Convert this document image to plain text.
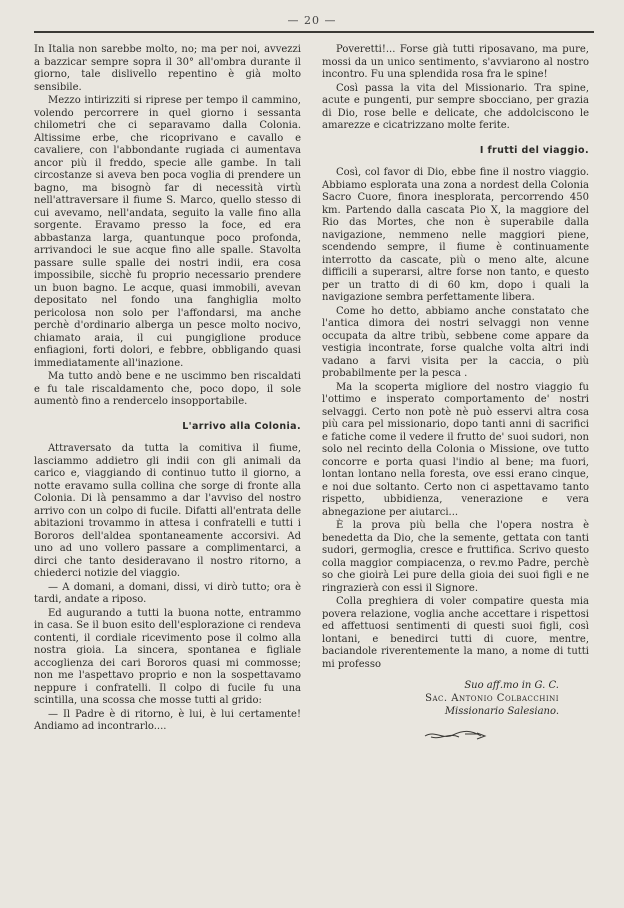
— 20 —

In Italia non sarebbe molto, no; ma per noi, avvezzi a bazzicar sempre sopra il 30° all'ombra durante il giorno, tale dislivello repentino è già molto sensibile.

Mezzo intirizziti si riprese per tempo il cammino, volendo percorrere in quel giorno i sessanta chilometri che ci separavamo dalla Colonia. Altissime erbe, che ricoprivano e cavallo e cavaliere, con l'abbondante rugiada ci aumentava ancor più il freddo, specie alle gambe. In tali circostanze si aveva ben poca voglia di prendere un bagno, ma bisognò far di necessità virtù nell'attraversare il fiume S. Marco, quello stesso di cui avevamo, nell'andata, seguito la valle fino alla sorgente. Eravamo presso la foce, ed era abbastanza larga, quantunque poco profonda, arrivandoci le sue acque fino alle spalle. Stavolta passare sulle spalle dei nostri indii, era cosa impossibile, sicchè fu proprio necessario prendere un buon bagno. Le acque, quasi immobili, avevan depositato nel fondo una fanghiglia molto pericolosa non solo per l'affondarsi, ma anche perchè d'ordinario alberga un pesce molto nocivo, chiamato araia, il cui pungiglione produce enfiagioni, forti dolori, e febbre, obbligando quasi immediatamente all'inazione.

Ma tutto andò bene e ne uscimmo ben riscaldati e fu tale riscaldamento che, poco dopo, il sole aumentò fino a rendercelo insopportabile.

L'arrivo alla Colonia.

Attraversato da tutta la comitiva il fiume, lasciammo addietro gli indii con gli animali da carico e, viaggiando di continuo tutto il giorno, a notte eravamo sulla collina che sorge di fronte alla Colonia. Di là pensammo a dar l'avviso del nostro arrivo con un colpo di fucile. Difatti all'entrata delle abitazioni trovammo in attesa i confratelli e tutti i Bororos dell'aldea spontaneamente accorsivi. Ad uno ad uno vollero passare a complimentarci, a dirci che tanto desideravano il nostro ritorno, a chiederci notizie del viaggio.

— A domani, a domani, dissi, vi dirò tutto; ora è tardi, andate a riposo.

Ed augurando a tutti la buona notte, entrammo in casa. Se il buon esito dell'esplorazione ci rendeva contenti, il cordiale ricevimento pose il colmo alla nostra gioia. La sincera, spontanea e figliale accoglienza dei cari Bororos quasi mi commosse; non me l'aspettavo proprio e non la sospettavamo neppure i confratelli. Il colpo di fucile fu una scintilla, una scossa che mosse tutti al grido:

— Il Padre è di ritorno, è lui, è lui certamente! Andiamo ad incontrarlo....

Poveretti!... Forse già tutti riposavano, ma pure, mossi da un unico sentimento, s'avviarono al nostro incontro. Fu una splendida rosa fra le spine!

Così passa la vita del Missionario. Tra spine, acute e pungenti, pur sempre sbocciano, per grazia di Dio, rose belle e delicate, che addolciscono le amarezze e cicatrizzano molte ferite.

I frutti del viaggio.

Così, col favor di Dio, ebbe fine il nostro viaggio. Abbiamo esplorata una zona a nordest della Colonia Sacro Cuore, finora inesplorata, percorrendo 450 km. Partendo dalla cascata Pio X, la maggiore del Rio das Mortes, che non è superabile dalla navigazione, nemmeno nelle maggiori piene, scendendo sempre, il fiume è continuamente interrotto da cascate, più o meno alte, alcune difficili a superarsi, altre forse non tanto, e questo per un tratto di di 60 km, dopo i quali la navigazione sembra perfettamente libera.

Come ho detto, abbiamo anche constatato che l'antica dimora dei nostri selvaggi non venne occupata da altre tribù, sebbene come appare da vestigia incontrate, forse qualche volta altri indi vadano a farvi visita per la caccia, o più probabilmente per la pesca .

Ma la scoperta migliore del nostro viaggio fu l'ottimo e insperato comportamento de' nostri selvaggi. Certo non potè nè può esservi altra cosa più cara pel missionario, dopo tanti anni di sacrifici e fatiche come il vedere il frutto de' suoi sudori, non solo nel recinto della Colonia o Missione, ove tutto concorre e porta quasi l'indio al bene; ma fuori, lontan lontano nella foresta, ove essi erano cinque, e noi due soltanto. Certo non ci aspettavamo tanto rispetto, ubbidienza, venerazione e vera abnegazione per aiutarci...

È la prova più bella che l'opera nostra è benedetta da Dio, che la semente, gettata con tanti sudori, germoglia, cresce e fruttifica. Scrivo questo colla maggior compiacenza, o rev.mo Padre, perchè so che gioirà Lei pure della gioia dei suoi figli e ne ringrazierà con essi il Signore.

Colla preghiera di voler compatire questa mia povera relazione, voglia anche accettare i rispettosi ed affettuosi sentimenti di questi suoi figli, così lontani, e benedirci tutti di cuore, mentre, baciandole riverentemente la mano, a nome di tutti mi professo

Suo aff.mo in G. C.
Sac. Antonio Colbacchini
Missionario Salesiano.
